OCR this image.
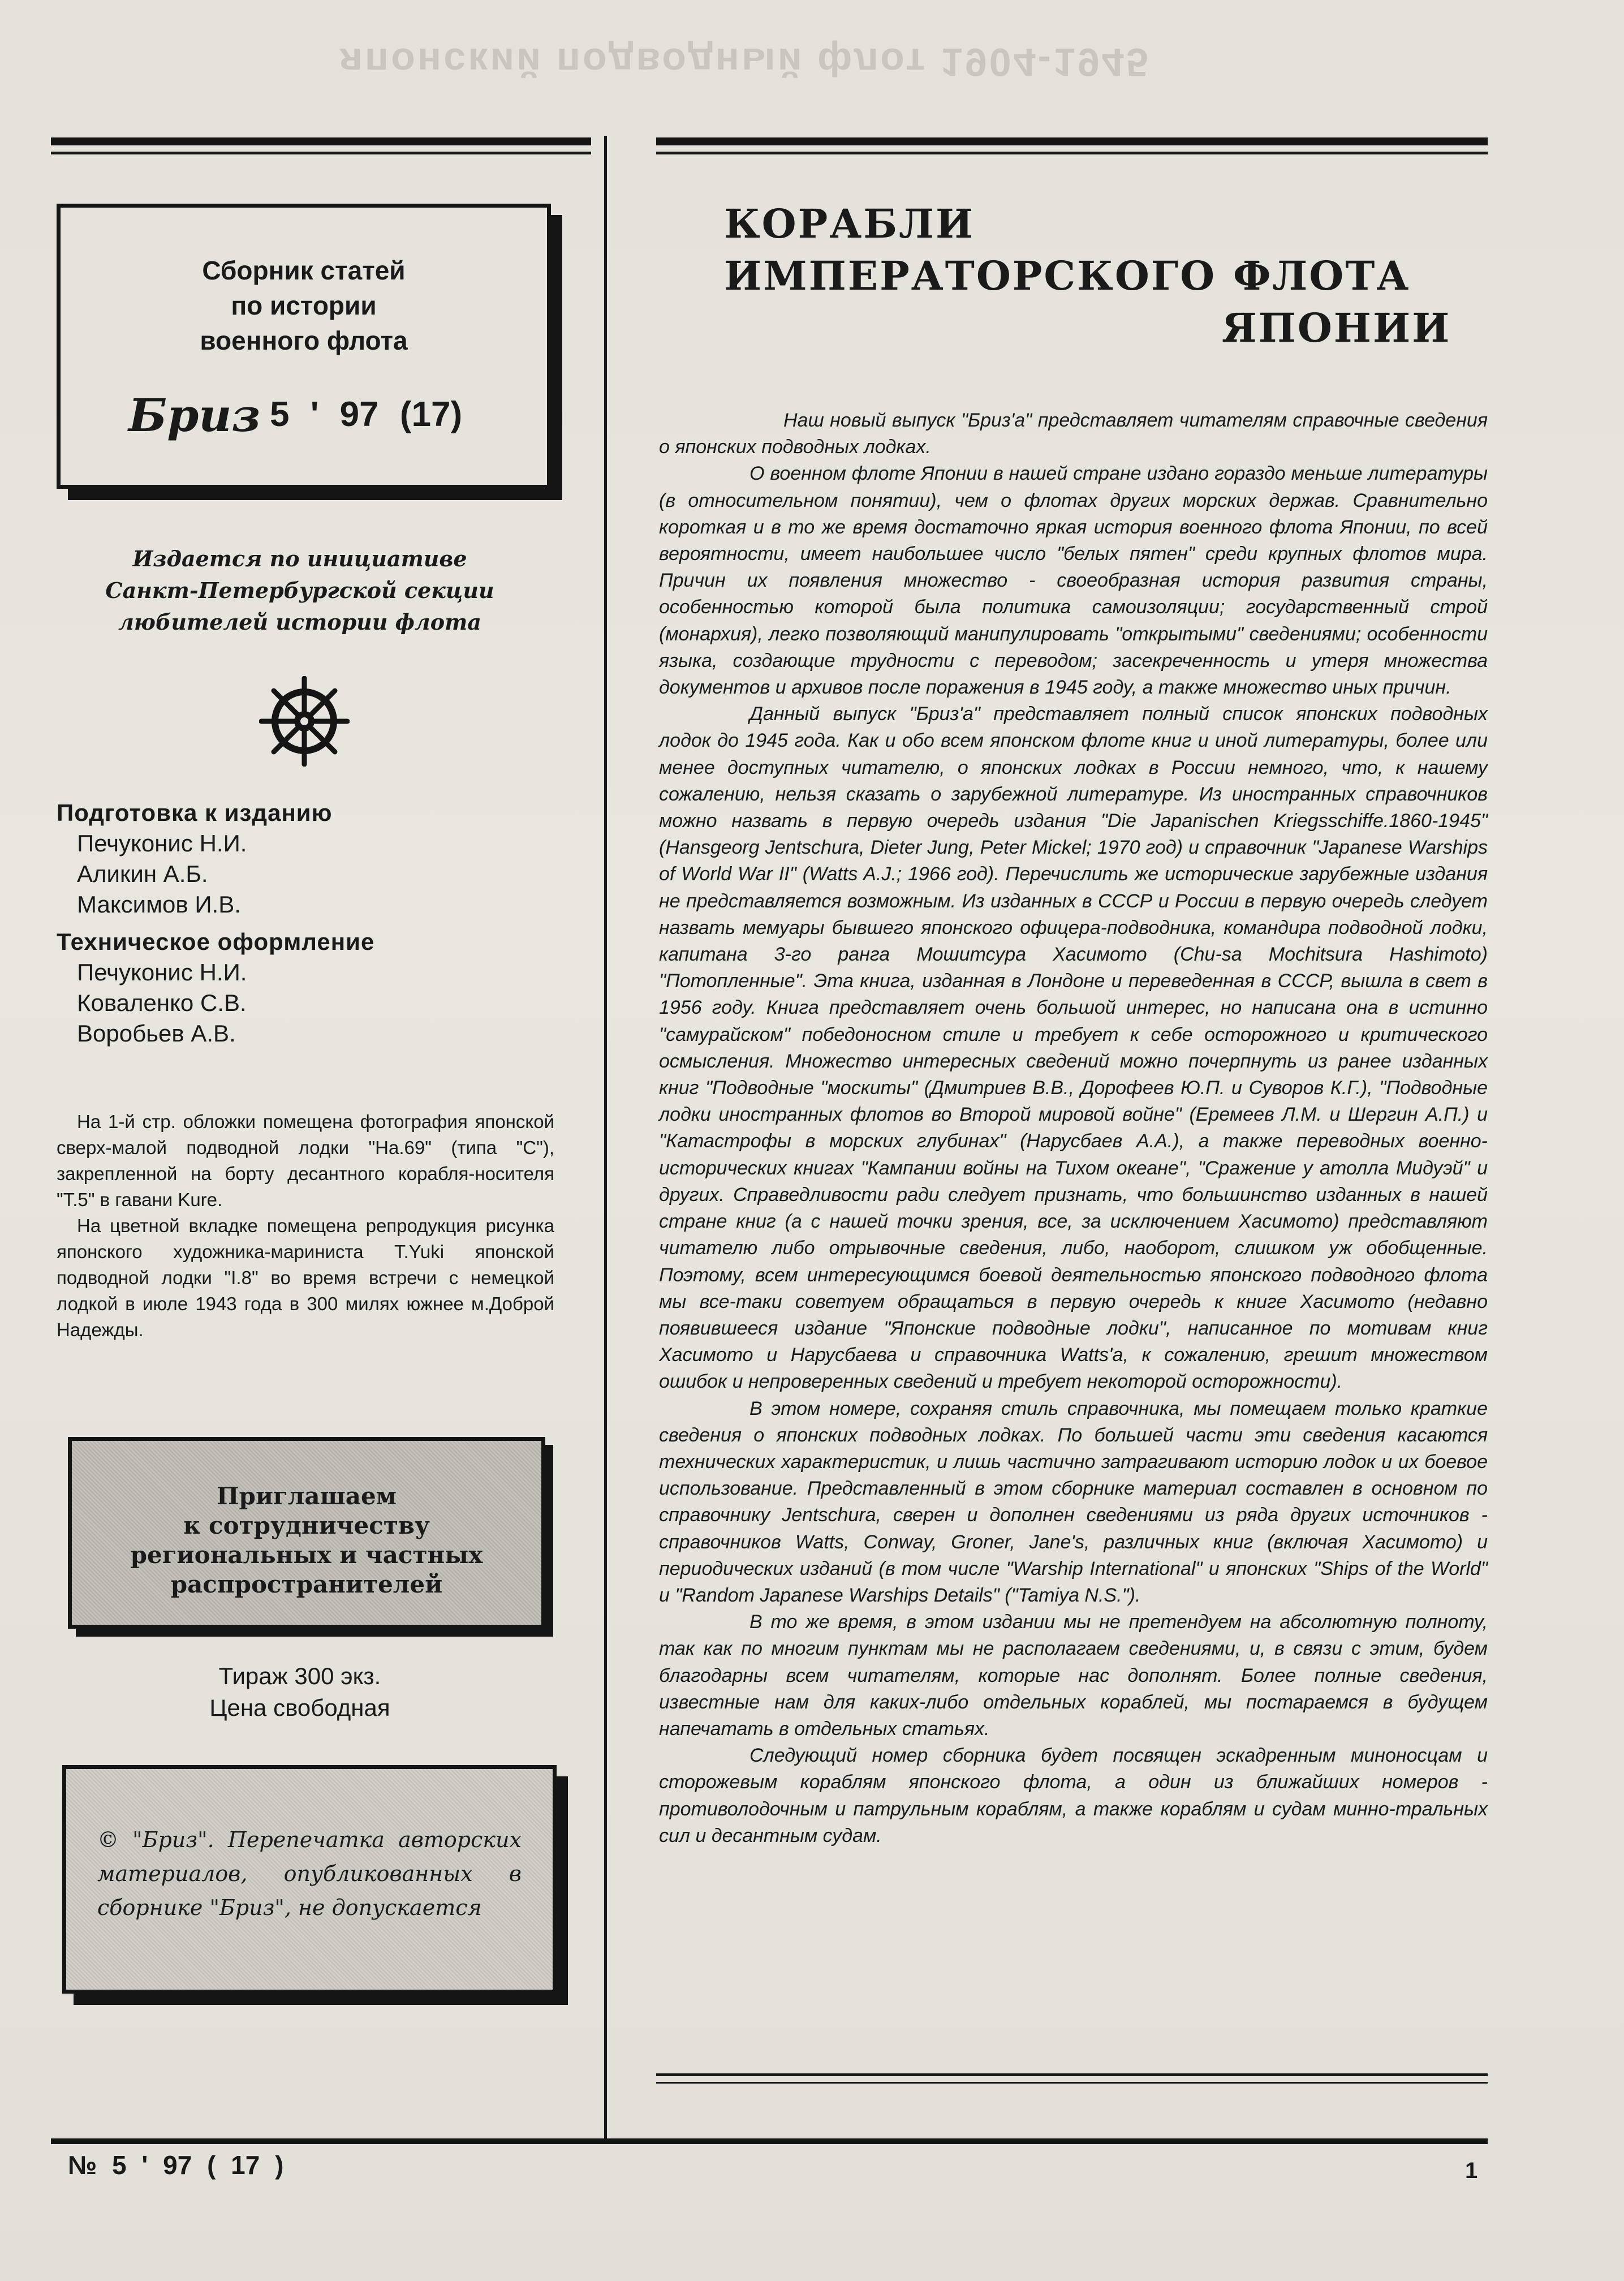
японский подводный флот 1904-1945
Сборник статей
по истории
военного флота
Бриз 5 ' 97 (17)
Издается по инициативе
Санкт-Петербургской секции
любителей истории флота
Подготовка к изданию
Печуконис Н.И.
Аликин А.Б.
Максимов И.В.
Техническое оформление
Печуконис Н.И.
Коваленко С.В.
Воробьев А.В.

На 1-й стр. обложки помещена фотография японской сверх-малой подводной лодки "Ha.69" (типа "C"), закрепленной на борту десантного корабля-носителя "T.5" в гавани Kure.

На цветной вкладке помещена репродукция рисунка японского художника-мариниста T.Yuki японской подводной лодки "I.8" во время встречи с немецкой лодкой в июле 1943 года в 300 милях южнее м.Доброй Надежды.

Приглашаем
к сотрудничеству
региональных и частных
распространителей
Тираж 300 экз.
Цена свободная
© "Бриз". Перепечатка авторских материалов, опубликованных в сборнике "Бриз", не допускается
КОРАБЛИ
ИМПЕРАТОРСКОГО ФЛОТА
ЯПОНИИ

Наш новый выпуск "Бриз'a" представляет читателям справочные сведения о японских подводных лодках.

О военном флоте Японии в нашей стране издано гораздо меньше литературы (в относительном понятии), чем о флотах других морских держав. Сравнительно короткая и в то же время достаточно яркая история военного флота Японии, по всей вероятности, имеет наибольшее число "белых пятен" среди крупных флотов мира. Причин их появления множество - своеобразная история развития страны, особенностью которой была политика самоизоляции; государственный строй (монархия), легко позволяющий манипулировать "открытыми" сведениями; особенности языка, создающие трудности с переводом; засекреченность и утеря множества документов и архивов после поражения в 1945 году, а также множество иных причин.

Данный выпуск "Бриз'a" представляет полный список японских подводных лодок до 1945 года. Как и обо всем японском флоте книг и иной литературы, более или менее доступных читателю, о японских лодках в России немного, что, к нашему сожалению, нельзя сказать о зарубежной литературе. Из иностранных справочников можно назвать в первую очередь издания "Die Japanischen Kriegsschiffe.1860-1945" (Hansgeorg Jentschura, Dieter Jung, Peter Mickel; 1970 год) и справочник "Japanese Warships of World War II" (Watts A.J.; 1966 год). Перечислить же исторические зарубежные издания не представляется возможным. Из изданных в СССР и России в первую очередь следует назвать мемуары бывшего японского офицера-подводника, командира подводной лодки, капитана 3-го ранга Мошитсура Хасимото (Chu-sa Mochitsura Hashimoto) "Потопленные". Эта книга, изданная в Лондоне и переведенная в СССР, вышла в свет в 1956 году. Книга представляет очень большой интерес, но написана она в истинно "самурайском" победоносном стиле и требует к себе осторожного и критического осмысления. Множество интересных сведений можно почерпнуть из ранее изданных книг "Подводные "москиты" (Дмитриев В.В., Дорофеев Ю.П. и Суворов К.Г.), "Подводные лодки иностранных флотов во Второй мировой войне" (Еремеев Л.М. и Шергин А.П.) и "Катастрофы в морских глубинах" (Нарусбаев А.А.), а также переводных военно-исторических книгах "Кампании войны на Тихом океане", "Сражение у атолла Мидуэй" и других. Справедливости ради следует признать, что большинство изданных в нашей стране книг (а с нашей точки зрения, все, за исключением Хасимото) представляют читателю либо отрывочные сведения, либо, наоборот, слишком уж обобщенные. Поэтому, всем интересующимся боевой деятельностью японского подводного флота мы все-таки советуем обращаться в первую очередь к книге Хасимото (недавно появившееся издание "Японские подводные лодки", написанное по мотивам книг Хасимото и Нарусбаева и справочника Watts'a, к сожалению, грешит множеством ошибок и непроверенных сведений и требует некоторой осторожности).

В этом номере, сохраняя стиль справочника, мы помещаем только краткие сведения о японских подводных лодках. По большей части эти сведения касаются технических характеристик, и лишь частично затрагивают историю лодок и их боевое использование. Представленный в этом сборнике материал составлен в основном по справочнику Jentschura, сверен и дополнен сведениями из ряда других источников - справочников Watts, Conway, Groner, Jane's, различных книг (включая Хасимото) и периодических изданий (в том числе "Warship International" и японских "Ships of the World" и "Random Japanese Warships Details" ("Tamiya N.S.").

В то же время, в этом издании мы не претендуем на абсолютную полноту, так как по многим пунктам мы не располагаем сведениями, и, в связи с этим, будем благодарны всем читателям, которые нас дополнят. Более полные сведения, известные нам для каких-либо отдельных кораблей, мы постараемся в будущем напечатать в отдельных статьях.

Следующий номер сборника будет посвящен эскадренным миноносцам и сторожевым кораблям японского флота, а один из ближайших номеров - противолодочным и патрульным кораблям, а также кораблям и судам минно-тральных сил и десантным судам.

№ 5 ' 97 ( 17 )	1
